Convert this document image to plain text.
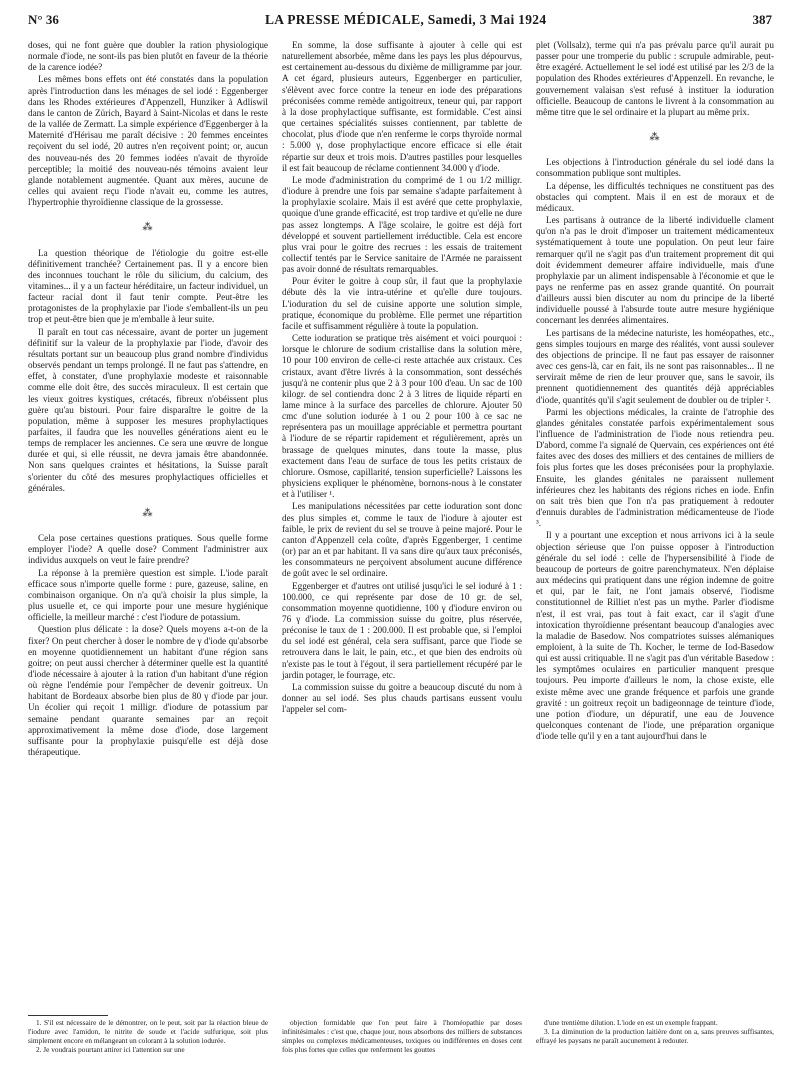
N° 36	LA PRESSE MÉDICALE, Samedi, 3 Mai 1924	387

doses, qui ne font guère que doubler la ration physiologique normale d'iode, ne sont-ils pas bien plutôt en faveur de la théorie de la carence iodée?

Les mêmes bons effets ont été constatés dans la population après l'introduction dans les ménages de sel iodé : Eggenberger dans les Rhodes extérieures d'Appenzell, Hunziker à Adliswil dans le canton de Zürich, Bayard à Saint-Nicolas et dans le reste de la vallée de Zermatt. La simple expérience d'Eggenberger à la Maternité d'Hérisau me paraît décisive : 20 femmes enceintes reçoivent du sel iodé, 20 autres n'en reçoivent point; or, aucun des nouveau-nés des 20 femmes iodées n'avait de thyroïde perceptible; la moitié des nouveau-nés témoins avaient leur glande notablement augmentée. Quant aux mères, aucune de celles qui avaient reçu l'iode n'avait eu, comme les autres, l'hypertrophie thyroïdienne classique de la grossesse.

⁂

La question théorique de l'étiologie du goitre est-elle définitivement tranchée? Certainement pas. Il y a encore bien des inconnues touchant le rôle du silicium, du calcium, des vitamines... il y a un facteur héréditaire, un facteur individuel, un facteur racial dont il faut tenir compte. Peut-être les protagonistes de la prophylaxie par l'iode s'emballent-ils un peu trop et peut-être bien que je m'emballe à leur suite.

Il paraît en tout cas nécessaire, avant de porter un jugement définitif sur la valeur de la prophylaxie par l'iode, d'avoir des résultats portant sur un beaucoup plus grand nombre d'individus observés pendant un temps prolongé. Il ne faut pas s'attendre, en effet, à constater, d'une prophylaxie modeste et raisonnable comme elle doit être, des succès miraculeux. Il est certain que les vieux goitres kystiques, crétacés, fibreux n'obéissent plus guère qu'au bistouri. Pour faire disparaître le goitre de la population, même à supposer les mesures prophylactiques parfaites, il faudra que les nouvelles générations aient eu le temps de remplacer les anciennes. Ce sera une œuvre de longue durée et qui, si elle réussit, ne devra jamais être abandonnée. Non sans quelques craintes et hésitations, la Suisse paraît s'orienter du côté des mesures prophylactiques officielles et générales.

⁂

Cela pose certaines questions pratiques. Sous quelle forme employer l'iode? A quelle dose? Comment l'administrer aux individus auxquels on veut le faire prendre?

La réponse à la première question est simple. L'iode paraît efficace sous n'importe quelle forme : pure, gazeuse, saline, en combinaison organique. On n'a qu'à choisir la plus simple, la plus usuelle et, ce qui importe pour une mesure hygiénique officielle, la meilleur marché : c'est l'iodure de potassium.

Question plus délicate : la dose? Quels moyens a-t-on de la fixer? On peut chercher à doser le nombre de γ d'iode qu'absorbe en moyenne quotidiennement un habitant d'une région sans goitre; on peut aussi chercher à déterminer quelle est la quantité d'iode nécessaire à ajouter à la ration d'un habitant d'une région où règne l'endémie pour l'empêcher de devenir goitreux. Un habitant de Bordeaux absorbe bien plus de 80 γ d'iode par jour. Un écolier qui reçoit 1 milligr. d'iodure de potassium par semaine pendant quarante semaines par an reçoit approximativement la même dose d'iode, dose largement suffisante pour la prophylaxie puisqu'elle est déjà dose thérapeutique.

En somme, la dose suffisante à ajouter à celle qui est naturellement absorbée, même dans les pays les plus dépourvus, est certainement au-dessous du dixième de milligramme par jour. A cet égard, plusieurs auteurs, Eggenberger en particulier, s'élèvent avec force contre la teneur en iode des préparations préconisées comme remède antigoitreux, teneur qui, par rapport à la dose prophylactique suffisante, est formidable. C'est ainsi que certaines spécialités suisses contiennent, par tablette de chocolat, plus d'iode que n'en renferme le corps thyroïde normal : 5.000 γ, dose prophylactique encore efficace si elle était répartie sur deux et trois mois. D'autres pastilles pour lesquelles il est fait beaucoup de réclame contiennent 34.000 γ d'iode.

Le mode d'administration du comprimé de 1 ou 1/2 milligr. d'iodure à prendre une fois par semaine s'adapte parfaitement à la prophylaxie scolaire. Mais il est avéré que cette prophylaxie, quoique d'une grande efficacité, est trop tardive et qu'elle ne dure pas assez longtemps. A l'âge scolaire, le goitre est déjà fort développé et souvent partiellement irréductible. Cela est encore plus vrai pour le goitre des recrues : les essais de traitement collectif tentés par le Service sanitaire de l'Armée ne paraissent pas avoir donné de résultats remarquables.

Pour éviter le goitre à coup sûr, il faut que la prophylaxie débute dès la vie intra-utérine et qu'elle dure toujours. L'ioduration du sel de cuisine apporte une solution simple, pratique, économique du problème. Elle permet une répartition facile et suffisamment régulière à toute la population.

Cette ioduration se pratique très aisément et voici pourquoi : lorsque le chlorure de sodium cristallise dans la solution mère, 10 pour 100 environ de celle-ci reste attachée aux cristaux. Ces cristaux, avant d'être livrés à la consommation, sont desséchés jusqu'à ne contenir plus que 2 à 3 pour 100 d'eau. Un sac de 100 kilogr. de sel contiendra donc 2 à 3 litres de liquide réparti en lame mince à la surface des parcelles de chlorure. Ajouter 50 cmc d'une solution iodurée à 1 ou 2 pour 100 à ce sac ne représentera pas un mouillage appréciable et permettra pourtant à l'iodure de se répartir rapidement et régulièrement, après un brassage de quelques minutes, dans toute la masse, plus exactement dans l'eau de surface de tous les petits cristaux de chlorure. Osmose, capillarité, tension superficielle? Laissons les physiciens expliquer le phénomène, bornons-nous à le constater et à l'utiliser ¹.

Les manipulations nécessitées par cette ioduration sont donc des plus simples et, comme le taux de l'iodure à ajouter est faible, le prix de revient du sel se trouve à peine majoré. Pour le canton d'Appenzell cela coûte, d'après Eggenberger, 1 centime (or) par an et par habitant. Il va sans dire qu'aux taux préconisés, les consommateurs ne perçoivent absolument aucune différence de goût avec le sel ordinaire.

Eggenberger et d'autres ont utilisé jusqu'ici le sel ioduré à 1 : 100.000, ce qui représente par dose de 10 gr. de sel, consommation moyenne quotidienne, 100 γ d'iodure environ ou 76 γ d'iode. La commission suisse du goitre, plus réservée, préconise le taux de 1 : 200.000. Il est probable que, si l'emploi du sel iodé est général, cela sera suffisant, parce que l'iode se retrouvera dans le lait, le pain, etc., et que bien des endroits où n'existe pas le tout à l'égout, il sera partiellement récupéré par le jardin potager, le fourrage, etc.

La commission suisse du goitre a beaucoup discuté du nom à donner au sel iodé. Ses plus chauds partisans eussent voulu l'appeler sel com-

plet (Vollsalz), terme qui n'a pas prévalu parce qu'il aurait pu passer pour une tromperie du public : scrupule admirable, peut-être exagéré. Actuellement le sel iodé est utilisé par les 2/3 de la population des Rhodes extérieures d'Appenzell. En revanche, le gouvernement valaisan s'est refusé à instituer la ioduration officielle. Beaucoup de cantons le livrent à la consommation au même titre que le sel ordinaire et la plupart au même prix.

⁂

Les objections à l'introduction générale du sel iodé dans la consommation publique sont multiples.

La dépense, les difficultés techniques ne constituent pas des obstacles qui comptent. Mais il en est de moraux et de médicaux.

Les partisans à outrance de la liberté individuelle clament qu'on n'a pas le droit d'imposer un traitement médicamenteux systématiquement à toute une population. On peut leur faire remarquer qu'il ne s'agit pas d'un traitement proprement dit qui doit évidemment demeurer affaire individuelle, mais d'une prophylaxie par un aliment indispensable à l'économie et que le pays ne renferme pas en assez grande quantité. On pourrait d'ailleurs aussi bien discuter au nom du principe de la liberté individuelle poussé à l'absurde toute autre mesure hygiénique concernant les denrées alimentaires.

Les partisans de la médecine naturiste, les homéopathes, etc., gens simples toujours en marge des réalités, vont aussi soulever des objections de principe. Il ne faut pas essayer de raisonner avec ces gens-là, car en fait, ils ne sont pas raisonnables... Il ne servirait même de rien de leur prouver que, sans le savoir, ils prennent quotidiennement des quantités déjà appréciables d'iode, quantités qu'il s'agit seulement de doubler ou de tripler ².

Parmi les objections médicales, la crainte de l'atrophie des glandes génitales constatée parfois expérimentalement sous l'influence de l'administration de l'iode nous retiendra peu. D'abord, comme l'a signalé de Quervain, ces expériences ont été faites avec des doses des milliers et des centaines de milliers de fois plus fortes que les doses préconisées pour la prophylaxie. Ensuite, les glandes génitales ne paraissent nullement inférieures chez les habitants des régions riches en iode. Enfin on sait très bien que l'on n'a pas pratiquement à redouter d'ennuis durables de l'administration médicamenteuse de l'iode ³.

Il y a pourtant une exception et nous arrivons ici à la seule objection sérieuse que l'on puisse opposer à l'introduction générale du sel iodé : celle de l'hypersensibilité à l'iode de beaucoup de porteurs de goitre parenchymateux. N'en déplaise aux médecins qui pratiquent dans une région indemne de goitre et qui, par le fait, ne l'ont jamais observé, l'iodisme constitutionnel de Rilliet n'est pas un mythe. Parler d'iodisme n'est, il est vrai, pas tout à fait exact, car il s'agit d'une intoxication thyroïdienne présentant beaucoup d'analogies avec la maladie de Basedow. Nos compatriotes suisses alémaniques emploient, à la suite de Th. Kocher, le terme de Iod-Basedow qui est aussi critiquable. Il ne s'agit pas d'un véritable Basedow : les symptômes oculaires en particulier manquent presque toujours. Peu importe d'ailleurs le nom, la chose existe, elle existe même avec une grande fréquence et parfois une grande gravité : un goitreux reçoit un badigeonnage de teinture d'iode, une potion d'iodure, un dépuratif, une eau de Jouvence quelconques contenant de l'iode, une préparation organique d'iode telle qu'il y en a tant aujourd'hui dans le

1. S'il est nécessaire de le démontrer, on le peut, soit par la réaction bleue de l'iodure avec l'amidon, le nitrite de soude et l'acide sulfurique, soit plus simplement encore en mélangeant un colorant à la solution iodurée.

2. Je voudrais pourtant attirer ici l'attention sur une

objection formidable que l'on peut faire à l'homéopathie par doses infinitésimales : c'est que, chaque jour, nous absorbons des milliers de substances simples ou complexes médicamenteuses, toxiques ou indifférentes en doses cent fois plus fortes que celles que renferment les gouttes

d'une trentième dilution. L'iode en est un exemple frappant.

3. La diminution de la production laitière dont on a, sans preuves suffisantes, effrayé les paysans ne paraît aucunement à redouter.
